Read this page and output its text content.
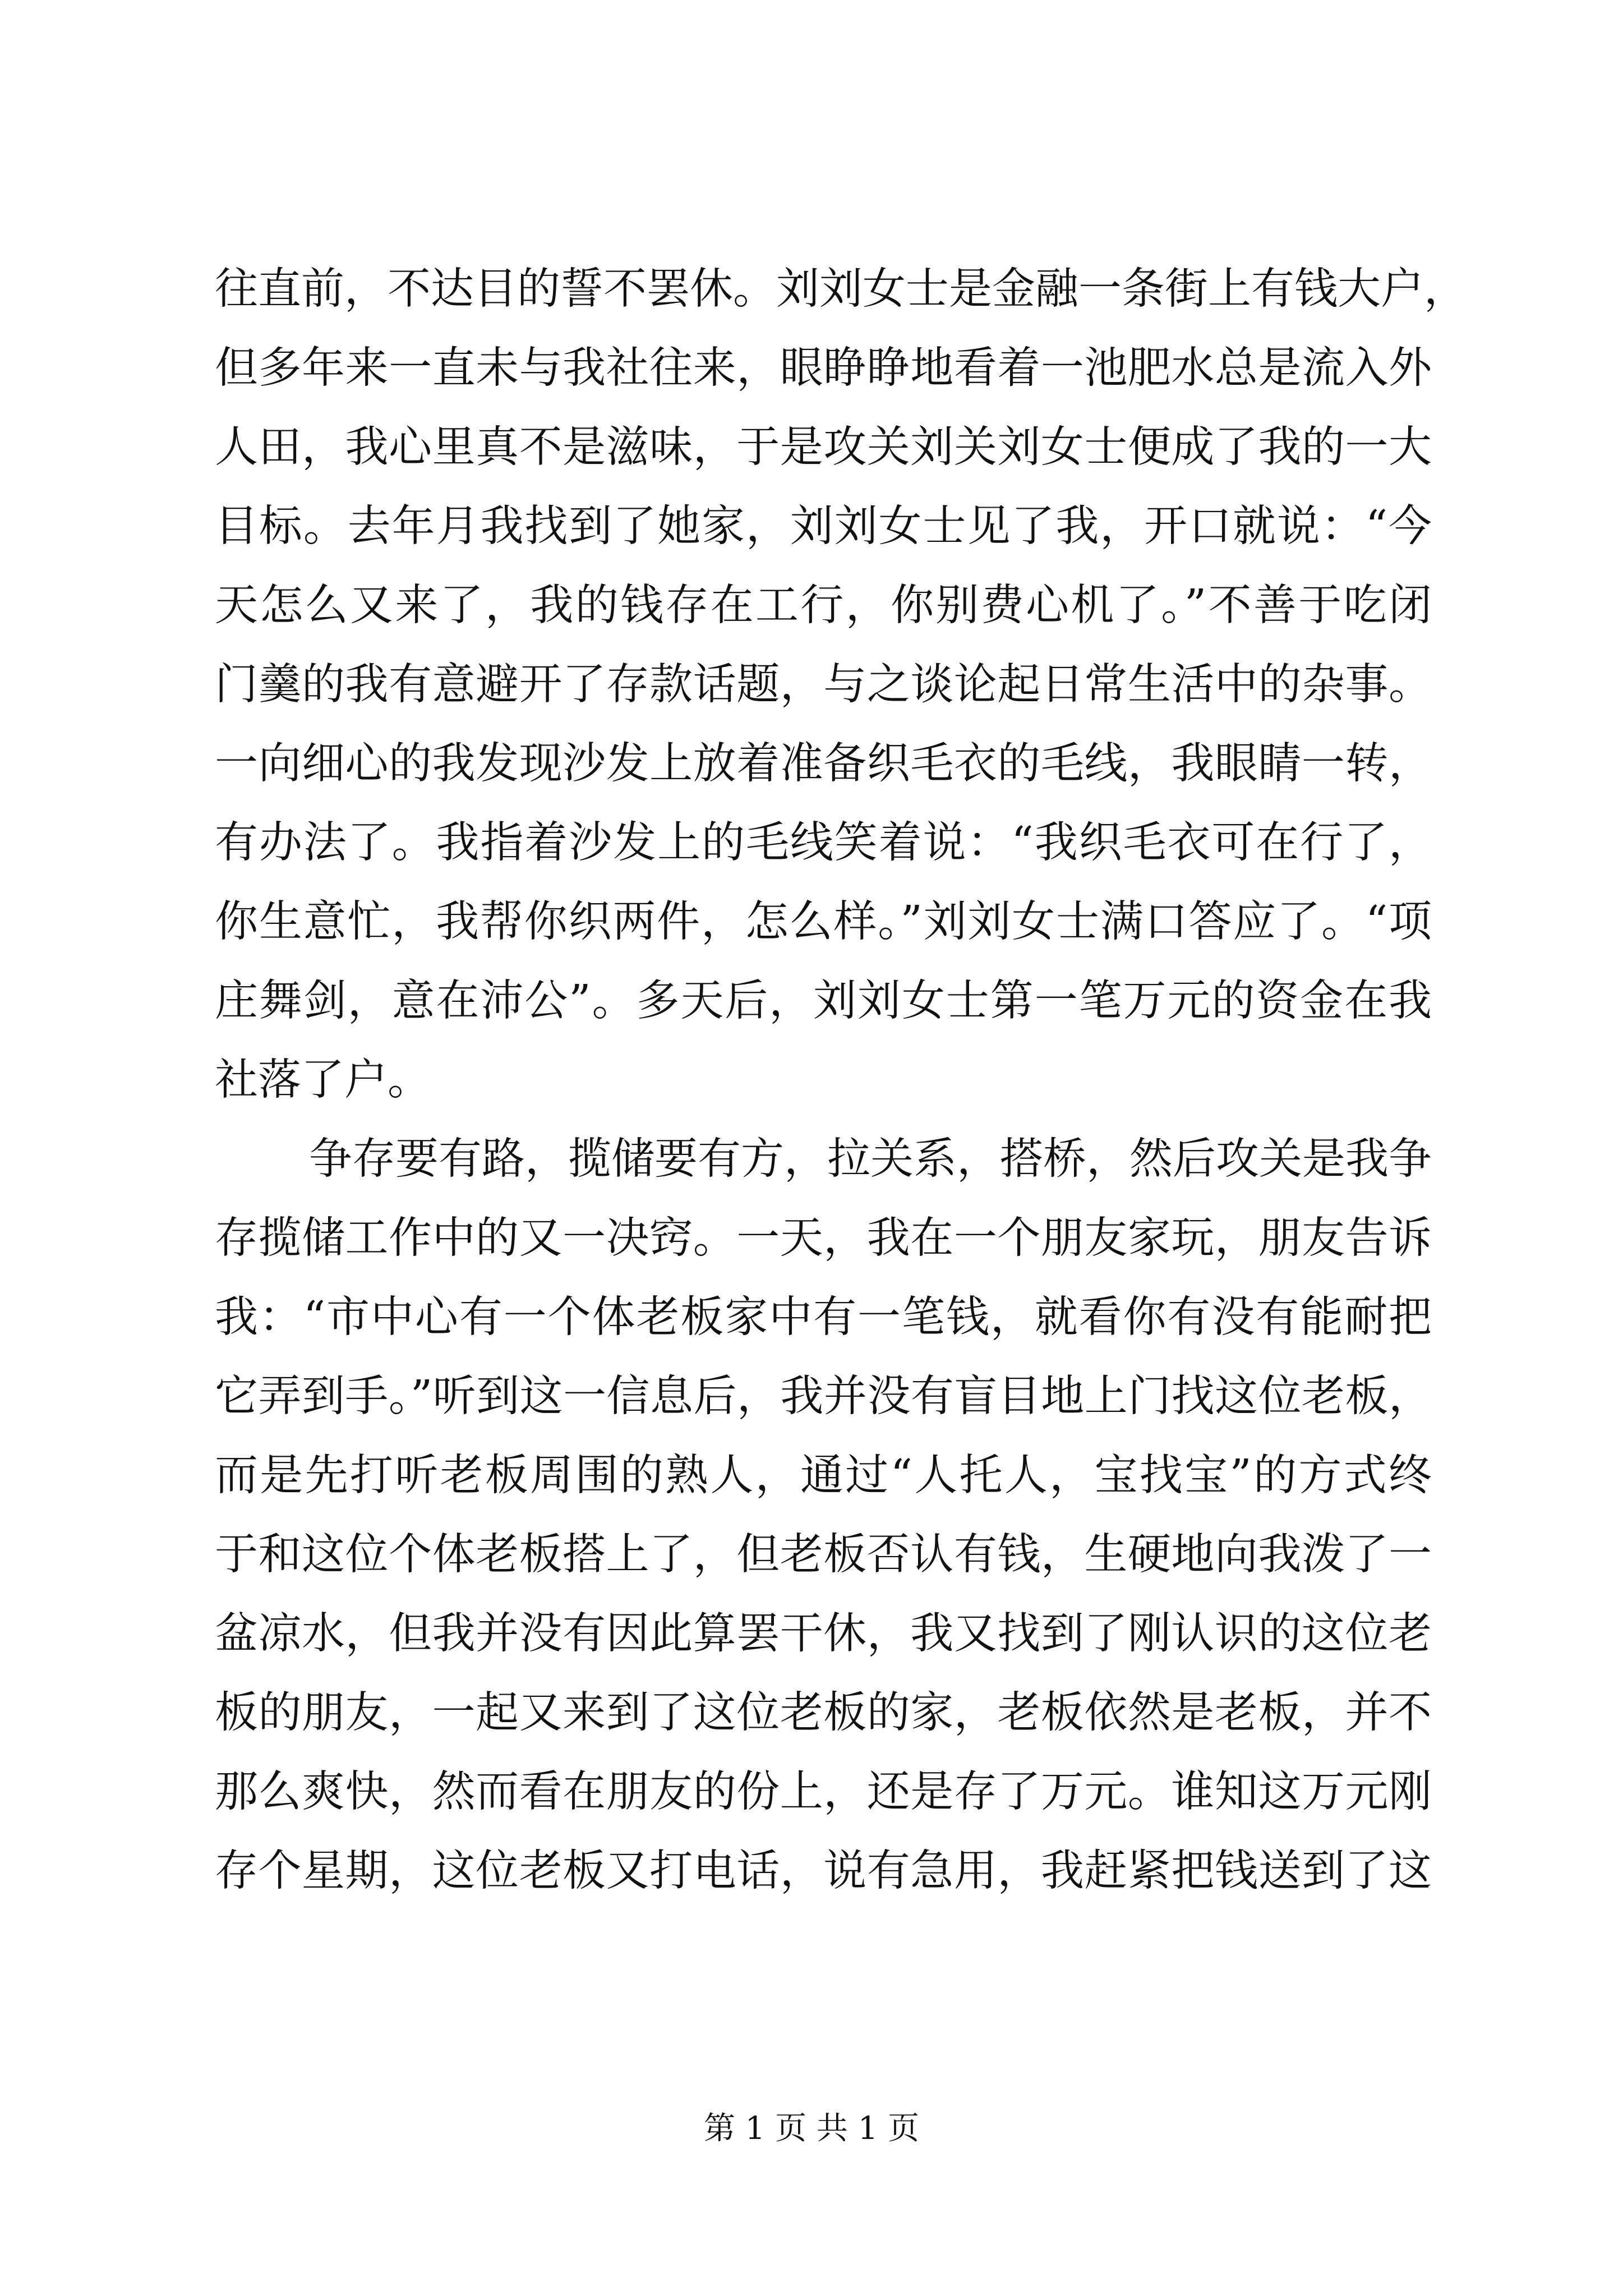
往直前，不达目的誓不罢休。刘刘女士是金融一条街上有钱大户，
但多年来一直未与我社往来，眼睁睁地看着一池肥水总是流入外
人田，我心里真不是滋味，于是攻关刘关刘女士便成了我的一大
目标。去年月我找到了她家，刘刘女士见了我，开口就说：“今
天怎么又来了，我的钱存在工行，你别费心机了。”不善于吃闭
门羹的我有意避开了存款话题，与之谈论起日常生活中的杂事。
一向细心的我发现沙发上放着准备织毛衣的毛线，我眼睛一转，
有办法了。我指着沙发上的毛线笑着说：“我织毛衣可在行了，
你生意忙，我帮你织两件，怎么样。”刘刘女士满口答应了。“项
庄舞剑，意在沛公”。多天后，刘刘女士第一笔万元的资金在我
社落了户。
争存要有路，揽储要有方，拉关系，搭桥，然后攻关是我争
存揽储工作中的又一决窍。一天，我在一个朋友家玩，朋友告诉
我：“市中心有一个体老板家中有一笔钱，就看你有没有能耐把
它弄到手。”听到这一信息后，我并没有盲目地上门找这位老板，
而是先打听老板周围的熟人，通过“人托人，宝找宝”的方式终
于和这位个体老板搭上了，但老板否认有钱，生硬地向我泼了一
盆凉水，但我并没有因此算罢干休，我又找到了刚认识的这位老
板的朋友，一起又来到了这位老板的家，老板依然是老板，并不
那么爽快，然而看在朋友的份上，还是存了万元。谁知这万元刚
存个星期，这位老板又打电话，说有急用，我赶紧把钱送到了这
第 1 页 共 1 页
